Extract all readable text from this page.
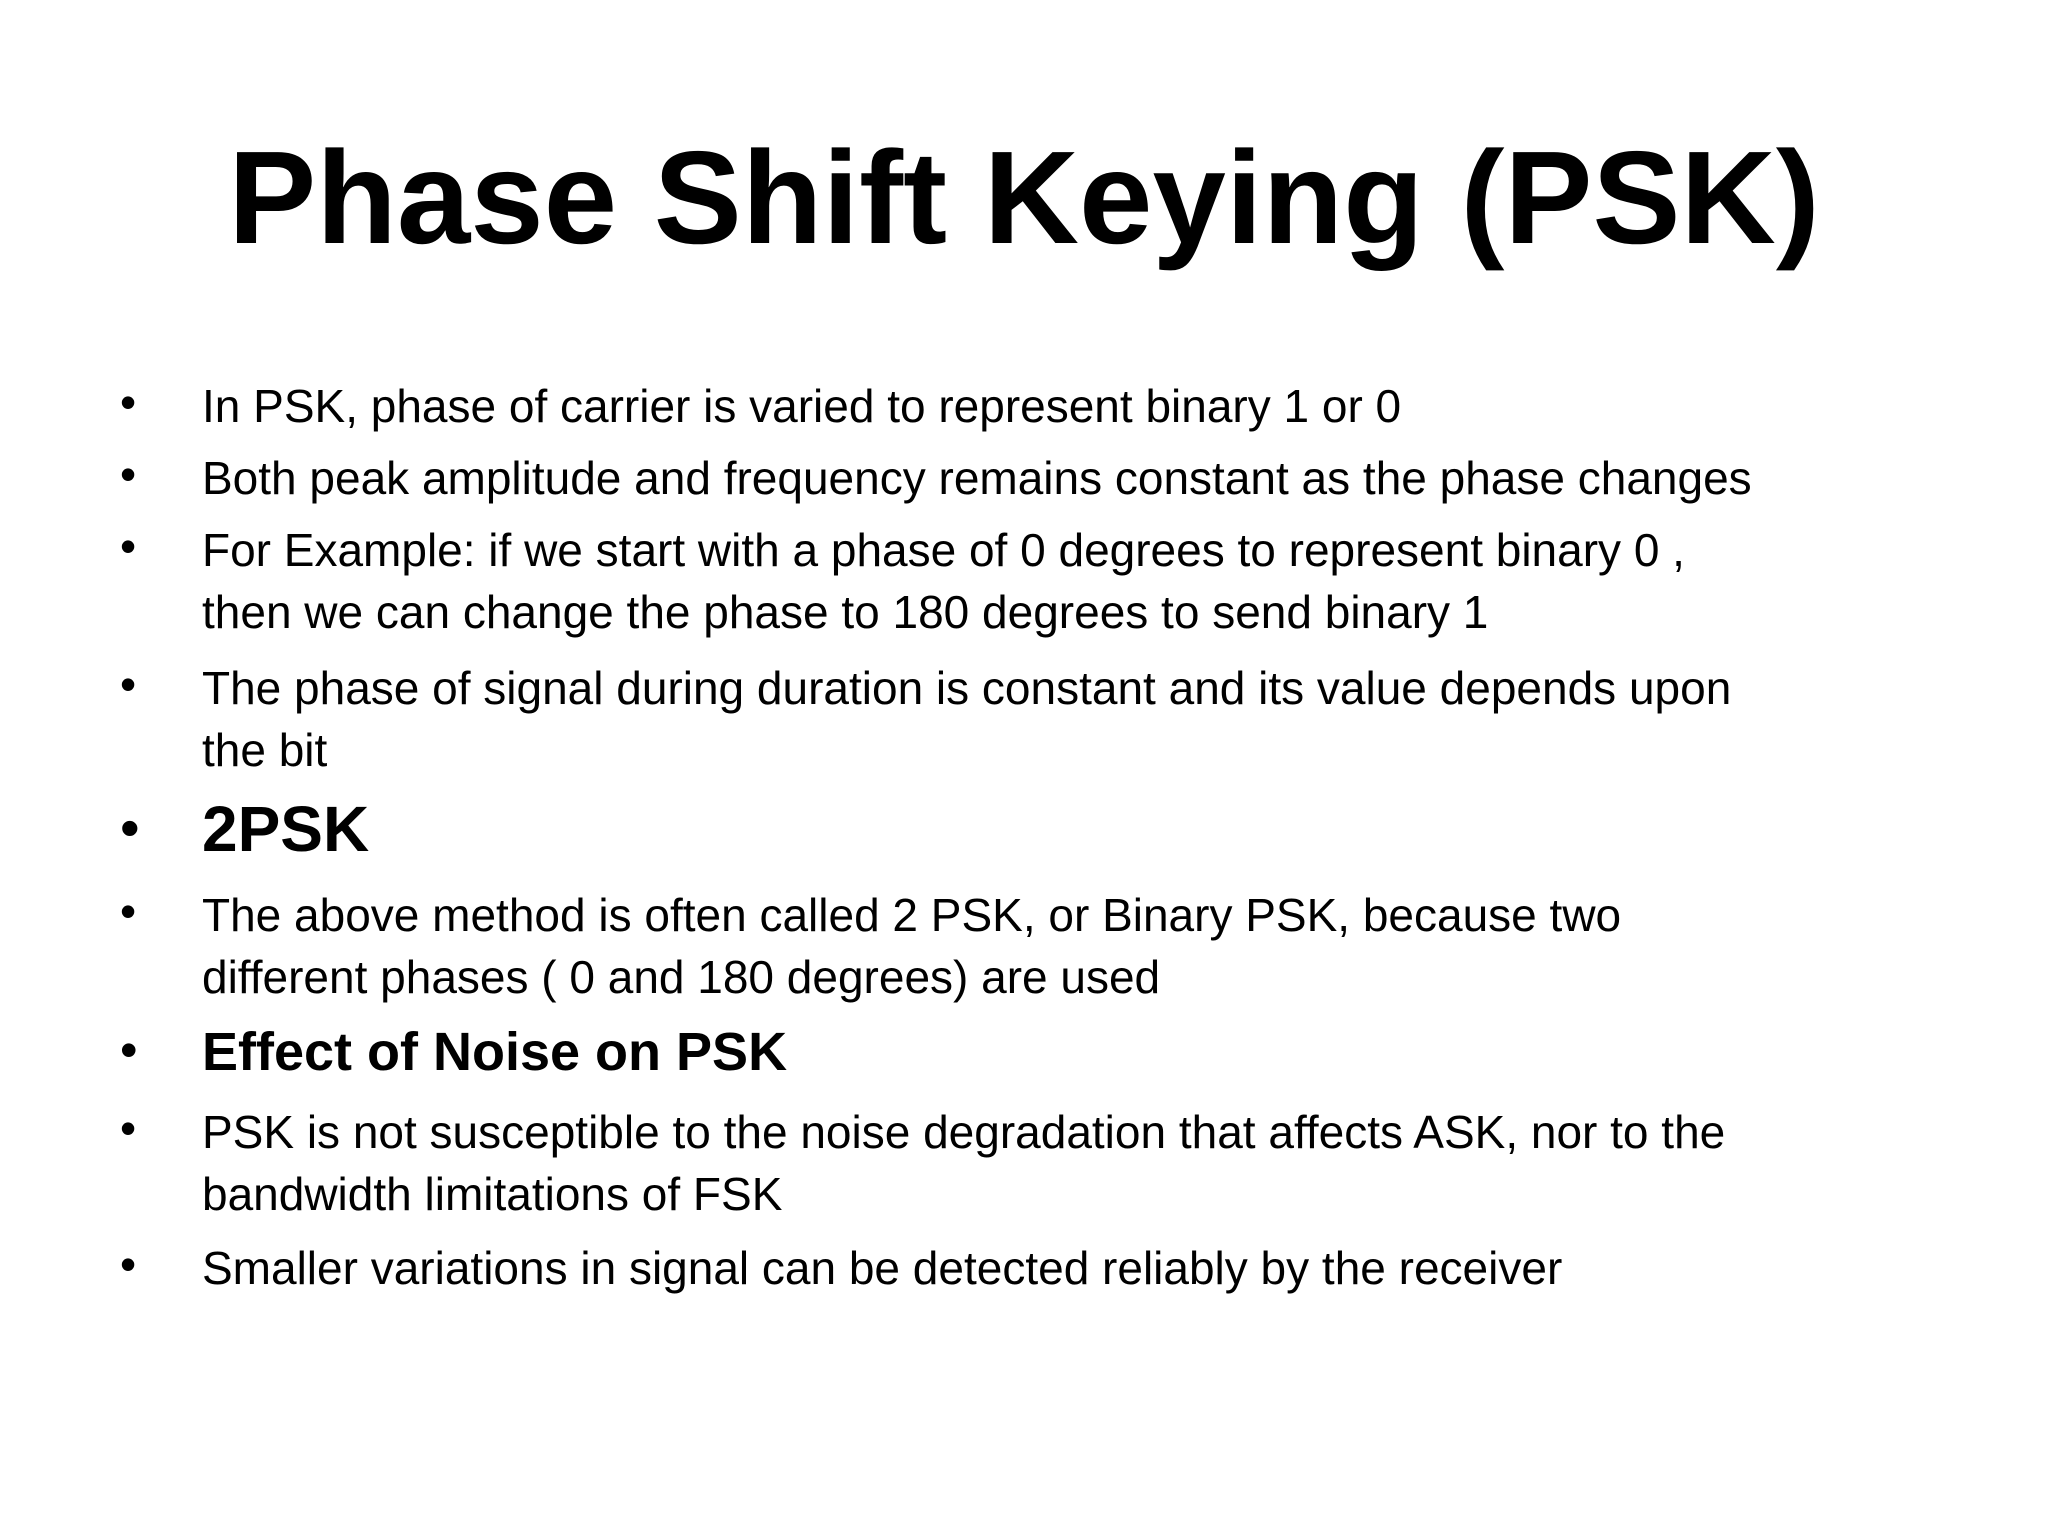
Phase Shift Keying (PSK)
• In PSK, phase of carrier is varied to represent binary 1 or 0
• Both peak amplitude and frequency remains constant as the phase changes
• For Example: if we start with a phase of 0 degrees to represent binary 0 ,
then we can change the phase to 180 degrees to send binary 1
• The phase of signal during duration is constant and its value depends upon
the bit
• 2PSK
• The above method is often called 2 PSK, or Binary PSK, because two
different phases ( 0 and 180 degrees) are used
• Effect of Noise on PSK
• PSK is not susceptible to the noise degradation that affects ASK, nor to the
bandwidth limitations of FSK
• Smaller variations in signal can be detected reliably by the receiver
